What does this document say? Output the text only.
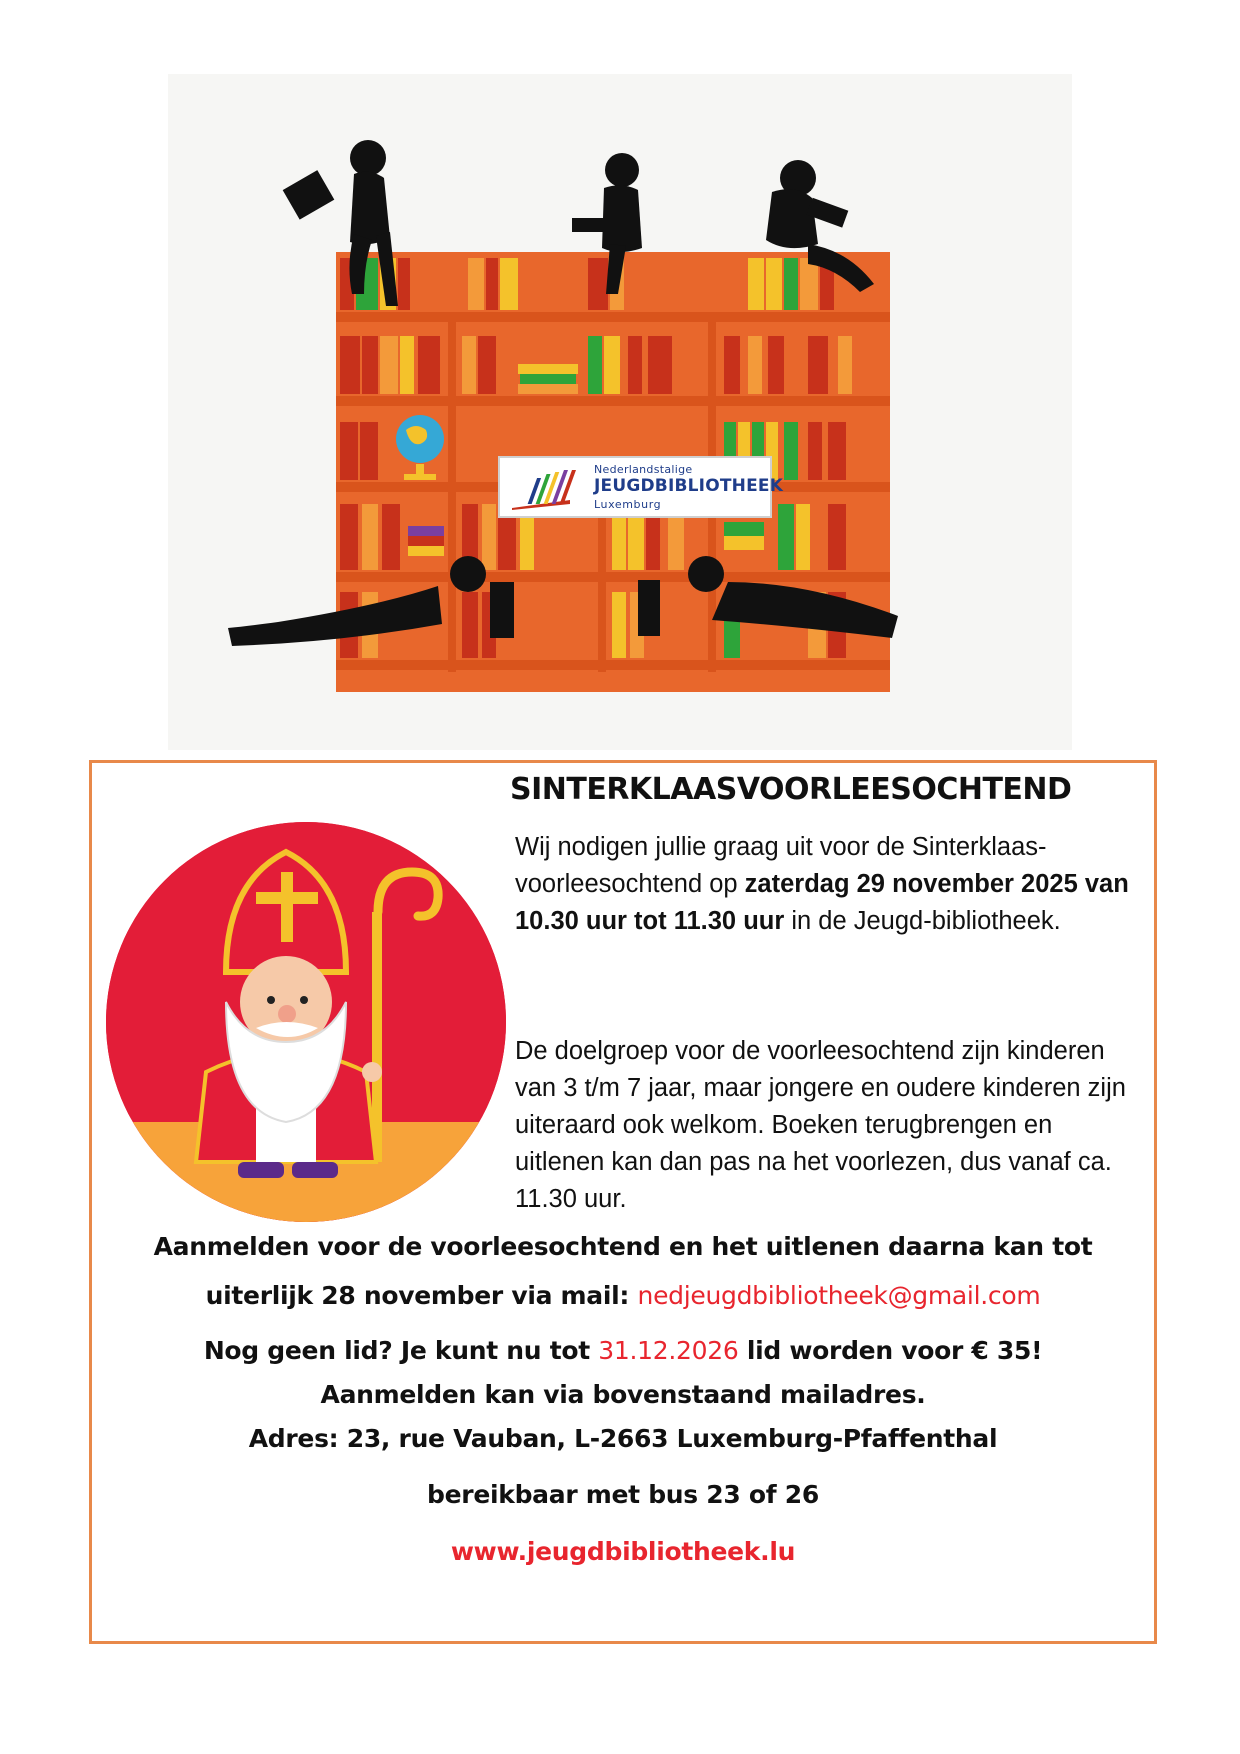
Nederlandstalige
JEUGDBIBLIOTHEEK
Luxemburg
SINTERKLAASVOORLEESOCHTEND
Wij nodigen jullie graag uit voor de Sinterklaas-voorleesochtend op zaterdag 29 november 2025 van 10.30 uur tot 11.30 uur in de Jeugd-bibliotheek.
De doelgroep voor de voorleesochtend zijn kinderen van 3 t/m 7 jaar, maar jongere en oudere kinderen zijn uiteraard ook welkom. Boeken terugbrengen en uitlenen kan dan pas na het voorlezen, dus vanaf ca. 11.30 uur.
Aanmelden voor de voorleesochtend en het uitlenen daarna kan tot
uiterlijk 28 november via mail: nedjeugdbibliotheek@gmail.com
Nog geen lid? Je kunt nu tot 31.12.2026 lid worden voor € 35!
Aanmelden kan via bovenstaand mailadres.
Adres: 23, rue Vauban, L-2663 Luxemburg-Pfaffenthal
bereikbaar met bus 23 of 26
www.jeugdbibliotheek.lu
